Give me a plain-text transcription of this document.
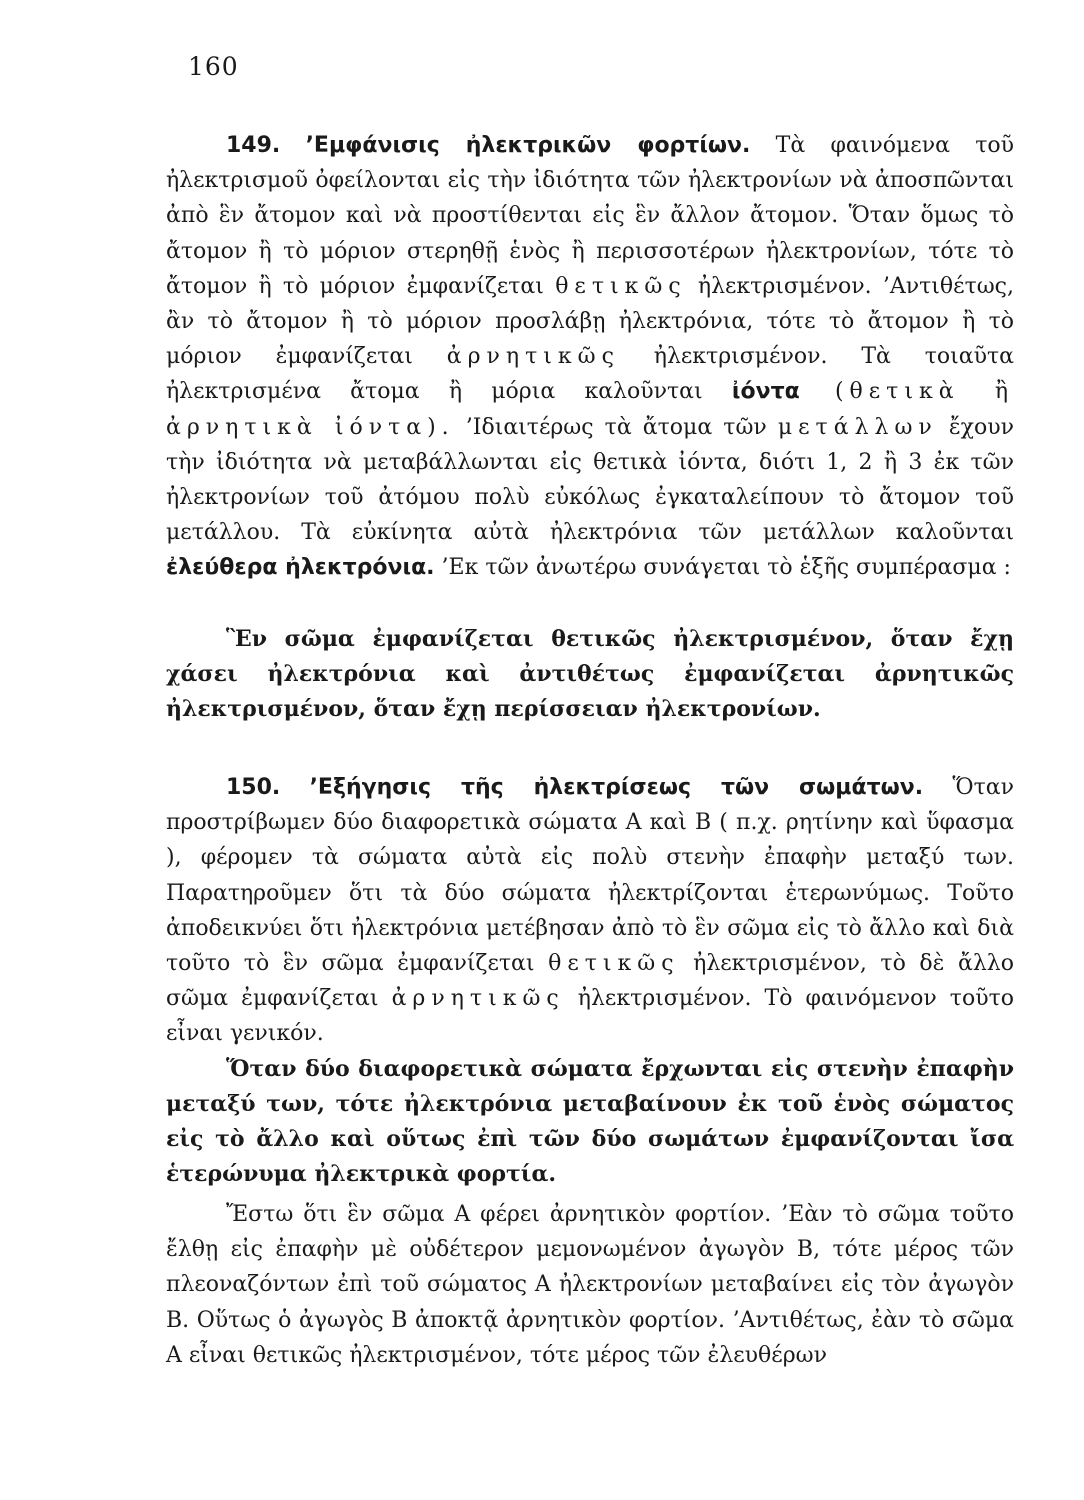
160

149. ’Εμφάνισις ἠλεκτρικῶν φορτίων. Τὰ φαινόμενα τοῦ ἠλεκτρισμοῦ ὀφείλονται εἰς τὴν ἰδιότητα τῶν ἠλεκτρονίων νὰ ἀποσπῶνται ἀπὸ ἓν ἄτομον καὶ νὰ προστίθενται εἰς ἓν ἄλλον ἄτομον. Ὅταν ὅμως τὸ ἄτομον ἢ τὸ μόριον στερηθῇ ἑνὸς ἢ περισσοτέρων ἠλεκτρονίων, τότε τὸ ἄτομον ἢ τὸ μόριον ἐμφανίζεται θετικῶς ἠλεκτρισμένον. ’Αντιθέτως, ἂν τὸ ἄτομον ἢ τὸ μόριον προσλάβῃ ἠλεκτρόνια, τότε τὸ ἄτομον ἢ τὸ μόριον ἐμφανίζεται ἀρνητικῶς ἠλεκτρισμένον. Τὰ τοιαῦτα ἠλεκτρισμένα ἄτομα ἢ μόρια καλοῦνται ἰόντα (θετικὰ ἢ ἀρνητικὰ ἰόντα). ’Ιδιαιτέρως τὰ ἄτομα τῶν μετάλλων ἔχουν τὴν ἰδιότητα νὰ μεταβάλλωνται εἰς θετικὰ ἰόντα, διότι 1, 2 ἢ 3 ἐκ τῶν ἠλεκτρονίων τοῦ ἀτόμου πολὺ εὐκόλως ἐγκαταλείπουν τὸ ἄτομον τοῦ μετάλλου. Τὰ εὐκίνητα αὐτὰ ἠλεκτρόνια τῶν μετάλλων καλοῦνται ἐλεύθερα ἠλεκτρόνια. ’Εκ τῶν ἀνωτέρω συνάγεται τὸ ἑξῆς συμπέρασμα :

Ἓν σῶμα ἐμφανίζεται θετικῶς ἠλεκτρισμένον, ὅταν ἔχῃ χάσει ἠλεκτρόνια καὶ ἀντιθέτως ἐμφανίζεται ἀρνητικῶς ἠλεκτρισμένον, ὅταν ἔχῃ περίσσειαν ἠλεκτρονίων.

150. ’Εξήγησις τῆς ἠλεκτρίσεως τῶν σωμάτων. Ὅταν προστρίβωμεν δύο διαφορετικὰ σώματα Α καὶ Β ( π.χ. ρητίνην καὶ ὕφασμα ), φέρομεν τὰ σώματα αὐτὰ εἰς πολὺ στενὴν ἐπαφὴν μεταξύ των. Παρατηροῦμεν ὅτι τὰ δύο σώματα ἠλεκτρίζονται ἑτερωνύμως. Τοῦτο ἀποδεικνύει ὅτι ἠλεκτρόνια μετέβησαν ἀπὸ τὸ ἓν σῶμα εἰς τὸ ἄλλο καὶ διὰ τοῦτο τὸ ἓν σῶμα ἐμφανίζεται θετικῶς ἠλεκτρισμένον, τὸ δὲ ἄλλο σῶμα ἐμφανίζεται ἀρνητικῶς ἠλεκτρισμένον. Τὸ φαινόμενον τοῦτο εἶναι γενικόν.

Ὅταν δύο διαφορετικὰ σώματα ἔρχωνται εἰς στενὴν ἐπαφὴν μεταξύ των, τότε ἠλεκτρόνια μεταβαίνουν ἐκ τοῦ ἑνὸς σώματος εἰς τὸ ἄλλο καὶ οὕτως ἐπὶ τῶν δύο σωμάτων ἐμφανίζονται ἴσα ἑτερώνυμα ἠλεκτρικὰ φορτία.

Ἔστω ὅτι ἓν σῶμα Α φέρει ἀρνητικὸν φορτίον. ’Εὰν τὸ σῶμα τοῦτο ἔλθῃ εἰς ἐπαφὴν μὲ οὐδέτερον μεμονωμένον ἀγωγὸν Β, τότε μέρος τῶν πλεοναζόντων ἐπὶ τοῦ σώματος Α ἠλεκτρονίων μεταβαίνει εἰς τὸν ἀγωγὸν Β. Οὕτως ὁ ἀγωγὸς Β ἀποκτᾷ ἀρνητικὸν φορτίον. ’Αντιθέτως, ἐὰν τὸ σῶμα Α εἶναι θετικῶς ἠλεκτρισμένον, τότε μέρος τῶν ἐλευθέρων
